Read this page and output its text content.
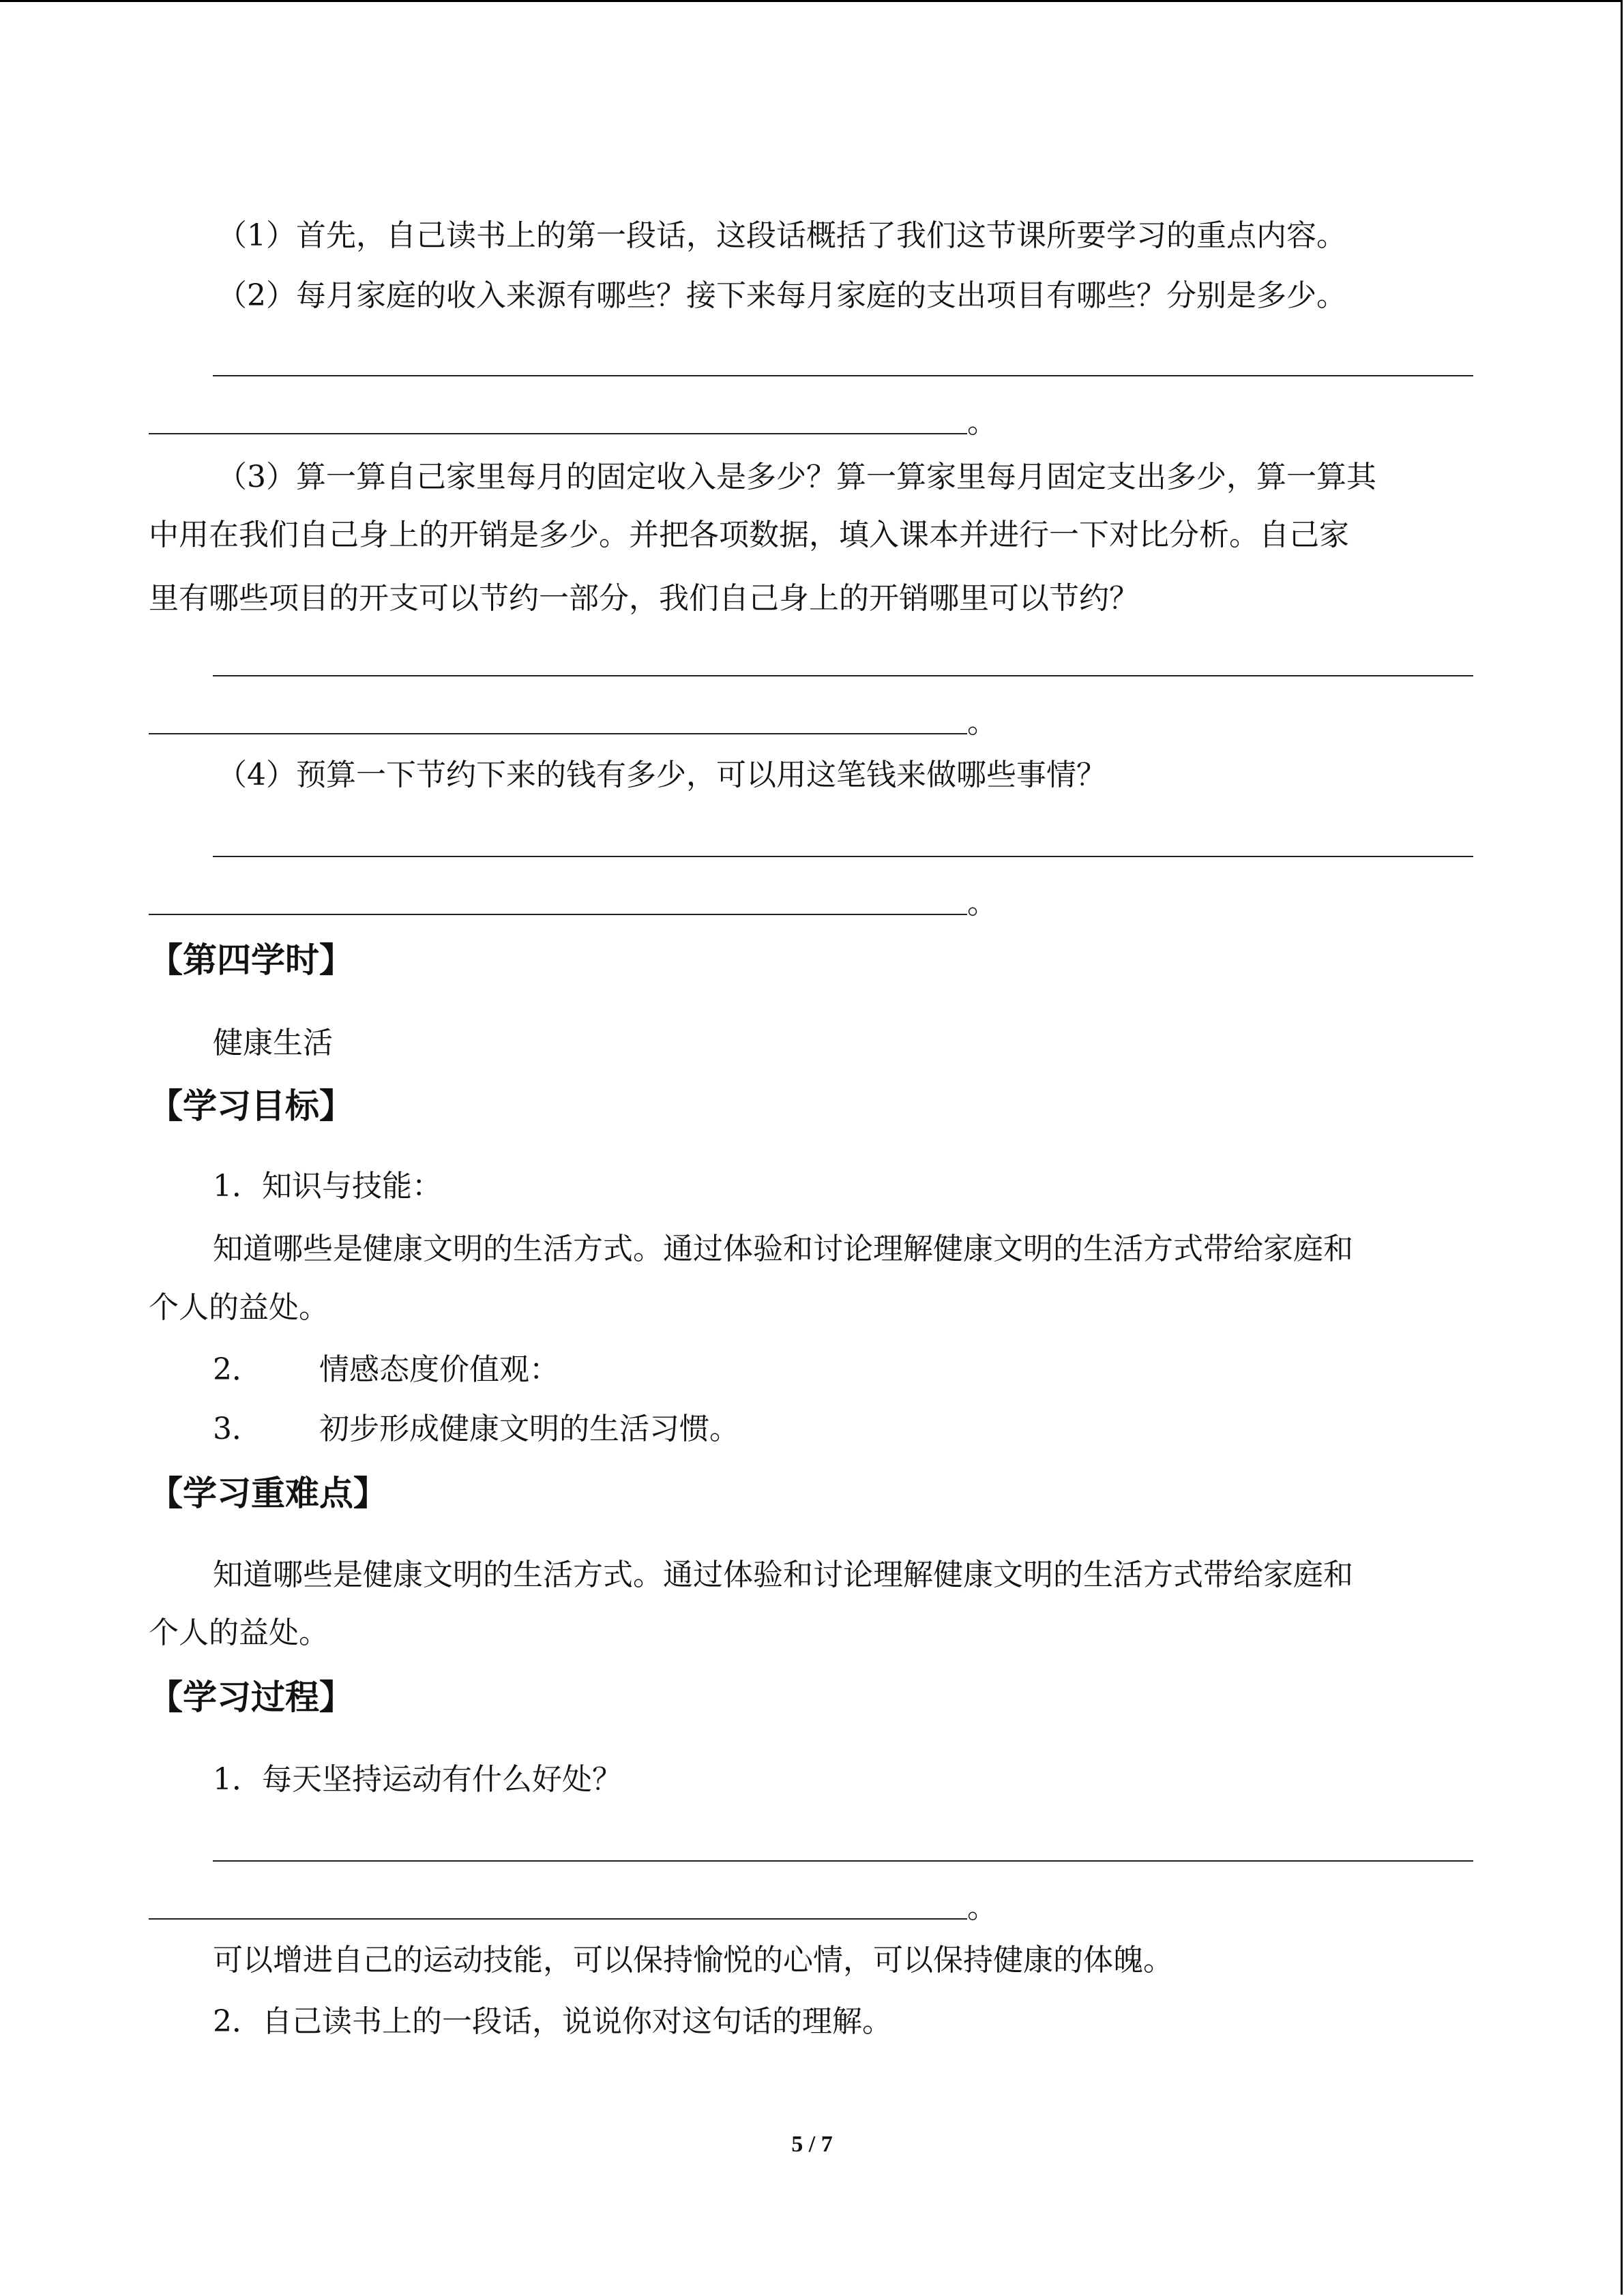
（1）首先，自己读书上的第一段话，这段话概括了我们这节课所要学习的重点内容。
（2）每月家庭的收入来源有哪些？接下来每月家庭的支出项目有哪些？分别是多少。
。
（3）算一算自己家里每月的固定收入是多少？算一算家里每月固定支出多少，算一算其
中用在我们自己身上的开销是多少。并把各项数据，填入课本并进行一下对比分析。自己家
里有哪些项目的开支可以节约一部分，我们自己身上的开销哪里可以节约？
。
（4）预算一下节约下来的钱有多少，可以用这笔钱来做哪些事情？
。
【第四学时】
健康生活
【学习目标】
1．知识与技能：
知道哪些是健康文明的生活方式。通过体验和讨论理解健康文明的生活方式带给家庭和
个人的益处。
2． 情感态度价值观：
3． 初步形成健康文明的生活习惯。
【学习重难点】
知道哪些是健康文明的生活方式。通过体验和讨论理解健康文明的生活方式带给家庭和
个人的益处。
【学习过程】
1．每天坚持运动有什么好处？
。
可以增进自己的运动技能，可以保持愉悦的心情，可以保持健康的体魄。
2．自己读书上的一段话，说说你对这句话的理解。
5 / 7
